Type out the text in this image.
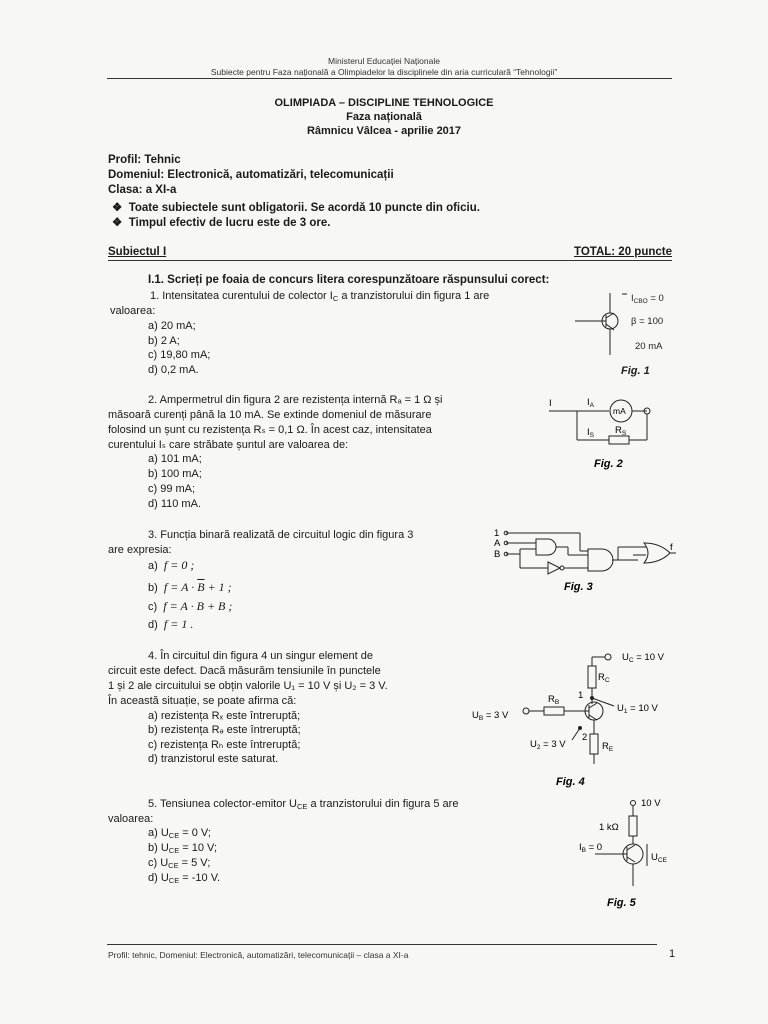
Ministerul Educației Naționale
Subiecte pentru Faza națională a Olimpiadelor la disciplinele din aria curriculară “Tehnologii”
OLIMPIADA – DISCIPLINE TEHNOLOGICE
Faza națională
Râmnicu Vâlcea - aprilie 2017
Profil: Tehnic
Domeniul: Electronică, automatizări, telecomunicații
Clasa: a XI-a
❖ Toate subiectele sunt obligatorii. Se acordă 10 puncte din oficiu.
❖ Timpul efectiv de lucru este de 3 ore.
Subiectul I	TOTAL: 20 puncte
I.1. Scrieți pe foaia de concurs litera corespunzătoare răspunsului corect:
1. Intensitatea curentului de colector $I_C$ a tranzistorului din figura 1 are
valoarea:
a) 20 mA;
b) 2 A;
c) 19,80 mA;
d) 0,2 mA.
$I_{CBO} = 0$
β = 100
20 mA
Fig. 1
2. Ampermetrul din figura 2 are rezistența internă Rₐ = 1 Ω și
măsoară curenți până la 10 mA. Se extinde domeniul de măsurare
folosind un șunt cu rezistența Rₛ = 0,1 Ω. În acest caz, intensitatea
curentului Iₛ care străbate șuntul are valoarea de:
a) 101 mA;
b) 100 mA;
c) 99 mA;
d) 110 mA.
I	$I_A$
mA
$I_S$ $R_S$
Fig. 2
3. Funcția binară realizată de circuitul logic din figura 3
are expresia:
a) f = 0 ;
b) $f = A \cdot \overline{B} + 1$ ;
c) f = A · B + B ;
d) f = 1 .
1
A
B
f
Fig. 3
4. În circuitul din figura 4 un singur element de
circuit este defect. Dacă măsurăm tensiunile în punctele
1 și 2 ale circuitului se obțin valorile U₁ = 10 V și U₂ = 3 V.
În această situație, se poate afirma că:
a) rezistența Rₓ este întreruptă;
b) rezistența Rₔ este întreruptă;
c) rezistența Rₕ este întreruptă;
d) tranzistorul este saturat.
$U_C = 10$ V
$R_C$
$R_B$
$R_E$
$U_B = 3$ V
$U_1 = 10$ V
$U_2 = 3$ V
1
2
Fig. 4
5. Tensiunea colector-emitor $U_{CE}$ a tranzistorului din figura 5 are
valoarea:
a) $U_{CE} = 0$ V;
b) $U_{CE} = 10$ V;
c) $U_{CE} = 5$ V;
d) $U_{CE} = -10$ V.
10 V
1 kΩ
$I_B = 0$
$U_{CE}$
Fig. 5
Profil: tehnic, Domeniul: Electronică, automatizări, telecomunicații – clasa a XI-a	1
